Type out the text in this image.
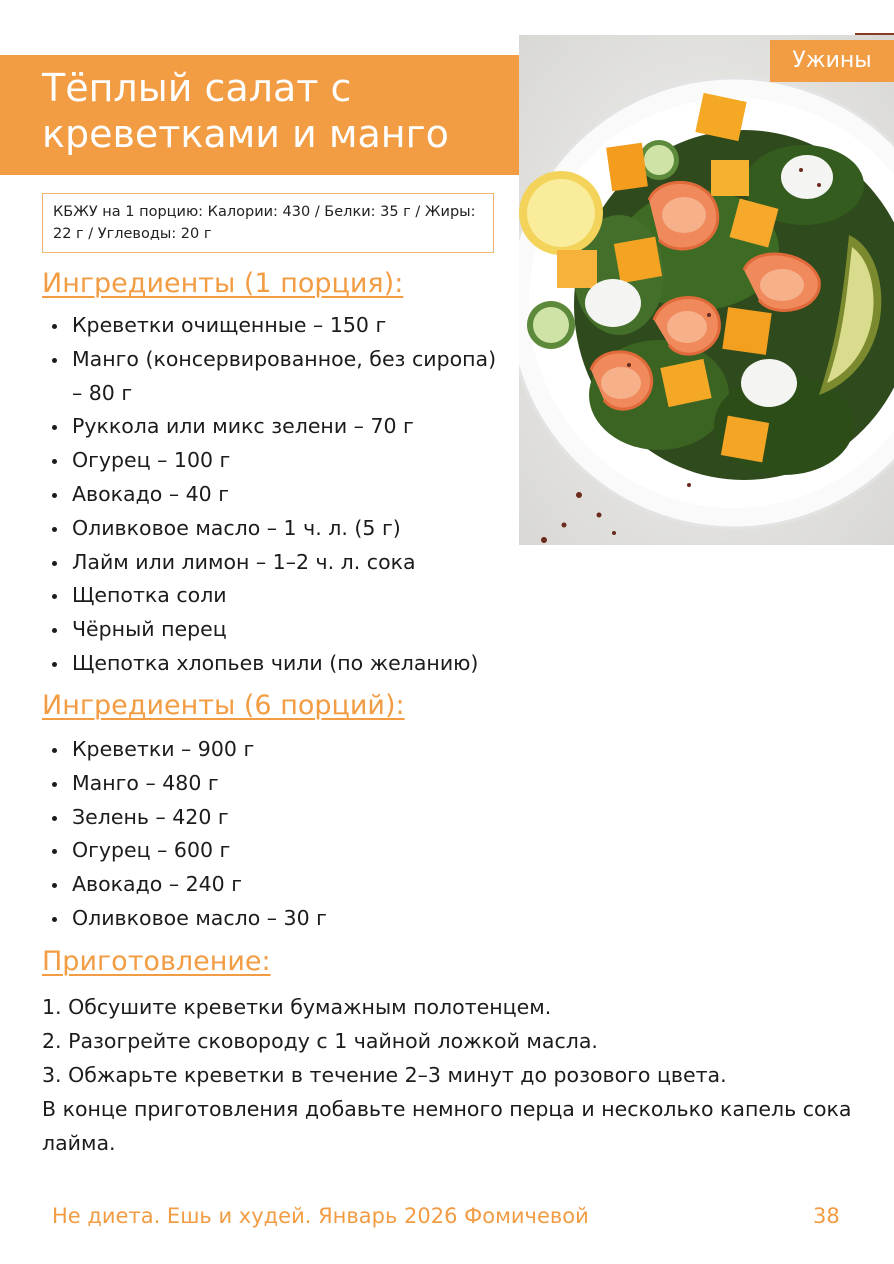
Тёплый салат с креветками и манго
Ужины
КБЖУ на 1 порцию: Калории: 430 / Белки: 35 г / Жиры: 22 г / Углеводы: 20 г
Ингредиенты (1 порция):
Креветки очищенные – 150 г
Манго (консервированное, без сиропа) – 80 г
Руккола или микс зелени – 70 г
Огурец – 100 г
Авокадо – 40 г
Оливковое масло – 1 ч. л. (5 г)
Лайм или лимон – 1–2 ч. л. сока
Щепотка соли
Чёрный перец
Щепотка хлопьев чили (по желанию)
Ингредиенты (6 порций):
Креветки – 900 г
Манго – 480 г
Зелень – 420 г
Огурец – 600 г
Авокадо – 240 г
Оливковое масло – 30 г
Приготовление:

1. Обсушите креветки бумажным полотенцем.

2. Разогрейте сковороду с 1 чайной ложкой масла.

3. Обжарьте креветки в течение 2–3 минут до розового цвета.

В конце приготовления добавьте немного перца и несколько капель сока лайма.

Не диета. Ешь и худей. Январь 2026 Фомичевой	38
